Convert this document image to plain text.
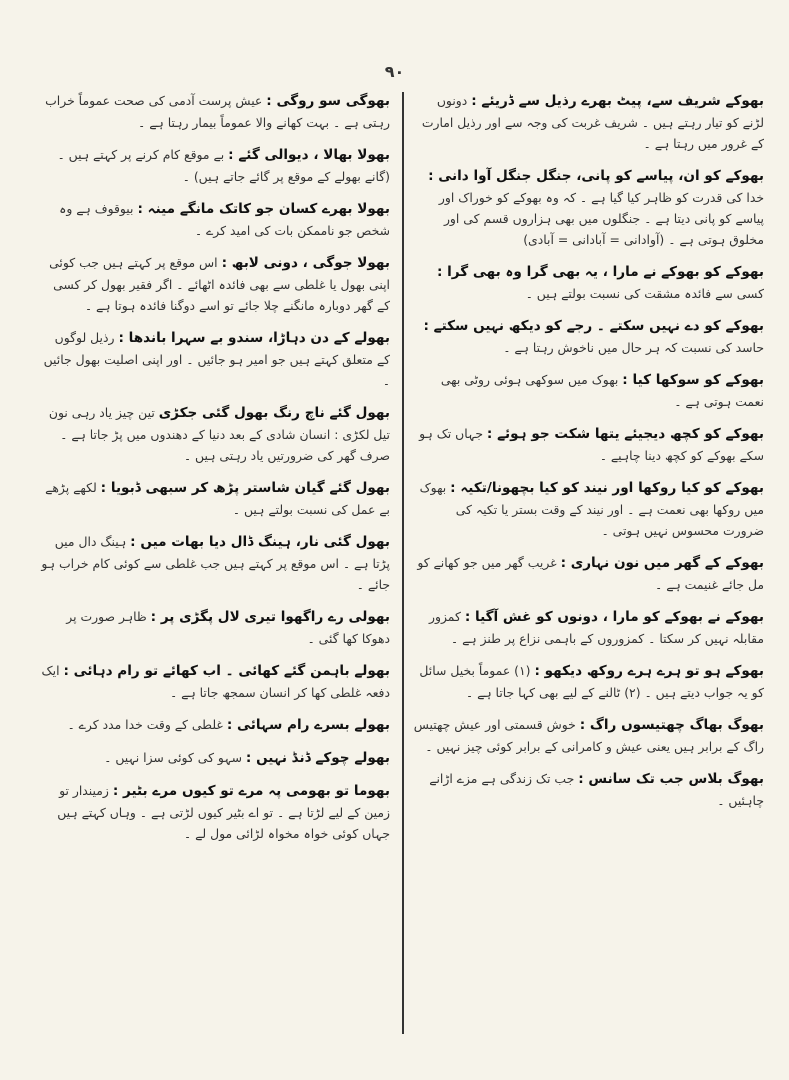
۹۰
بھوکے شریف سے، پیٹ بھرے رذیل سے ڈریئے : دونوں لڑنے کو تیار رہتے ہیں ۔ شریف غربت کی وجہ سے اور رذیل امارت کے غرور میں رہتا ہے ۔
بھوکے کو ان، پیاسے کو پانی، جنگل جنگل آوا دانی : خدا کی قدرت کو ظاہر کیا گیا ہے ۔ کہ وہ بھوکے کو خوراک اور پیاسے کو پانی دیتا ہے ۔ جنگلوں میں بھی ہزاروں قسم کی اور مخلوق ہوتی ہے ۔ (آوادانی = آبادانی = آبادی)
بھوکے کو بھوکے نے مارا ، یہ بھی گرا وہ بھی گرا : کسی سے فائدہ مشقت کی نسبت بولتے ہیں ۔
بھوکے کو دے نہیں سکتے ۔ رجے کو دیکھ نہیں سکتے : حاسد کی نسبت کہ ہر حال میں ناخوش رہتا ہے ۔
بھوکے کو سوکھا کیا : بھوک میں سوکھی ہوئی روٹی بھی نعمت ہوتی ہے ۔
بھوکے کو کچھ دیجیئے یتھا شکت جو ہوئے : جہاں تک ہو سکے بھوکے کو کچھ دینا چاہیے ۔
بھوکے کو کیا روکھا اور نیند کو کیا بچھونا/تکیہ : بھوک میں روکھا بھی نعمت ہے ۔ اور نیند کے وقت بستر یا تکیہ کی ضرورت محسوس نہیں ہوتی ۔
بھوکے کے گھر میں نون نہاری : غریب گھر میں جو کھانے کو مل جائے غنیمت ہے ۔
بھوکے نے بھوکے کو مارا ، دونوں کو غش آگیا : کمزور مقابلہ نہیں کر سکتا ۔ کمزوروں کے باہمی نزاع پر طنز ہے ۔
بھوکے ہو تو ہرے ہرے روکھ دیکھو : (۱) عموماً بخیل سائل کو یہ جواب دیتے ہیں ۔ (۲) ٹالنے کے لیے بھی کہا جاتا ہے ۔
بھوگ بھاگ چھتیسوں راگ : خوش قسمتی اور عیش چھتیس راگ کے برابر ہیں یعنی عیش و کامرانی کے برابر کوئی چیز نہیں ۔
بھوگ بلاس جب تک سانس : جب تک زندگی ہے مزے اڑانے چاہئیں ۔
بھوگی سو روگی : عیش پرست آدمی کی صحت عموماً خراب رہتی ہے ۔ بہت کھانے والا عموماً بیمار رہتا ہے ۔
بھولا بھالا ، دیوالی گئے : بے موقع کام کرنے پر کہتے ہیں ۔ (گانے بھولے کے موقع پر گائے جاتے ہیں) ۔
بھولا بھرے کسان جو کاتک مانگے مینہ : بیوقوف ہے وہ شخص جو ناممکن بات کی امید کرے ۔
بھولا جوگی ، دونی لابھ : اس موقع پر کہتے ہیں جب کوئی اپنی بھول یا غلطی سے بھی فائدہ اٹھائے ۔ اگر فقیر بھول کر کسی کے گھر دوبارہ مانگنے چلا جائے تو اسے دوگنا فائدہ ہوتا ہے ۔
بھولے کے دن دہاڑا، سندو بے سہرا باندھا : رذیل لوگوں کے متعلق کہتے ہیں جو امیر ہو جائیں ۔ اور اپنی اصلیت بھول جائیں ۔
بھول گئے ناچ رنگ بھول گئی جکڑی تین چیز یاد رہی نون تیل لکڑی : انسان شادی کے بعد دنیا کے دھندوں میں پڑ جاتا ہے ۔ صرف گھر کی ضرورتیں یاد رہتی ہیں ۔
بھول گئے گیان شاستر پڑھ کر سبھی ڈبویا : لکھے پڑھے بے عمل کی نسبت بولتے ہیں ۔
بھول گئی نار، ہینگ ڈال دیا بھات میں : ہینگ دال میں پڑتا ہے ۔ اس موقع پر کہتے ہیں جب غلطی سے کوئی کام خراب ہو جائے ۔
بھولی رے راگھوا تیری لال پگڑی پر : ظاہر صورت پر دھوکا کھا گئی ۔
بھولے باہمن گئے کھائی ۔ اب کھائے تو رام دہائی : ایک دفعہ غلطی کھا کر انسان سمجھ جاتا ہے ۔
بھولے بسرے رام سہائی : غلطی کے وقت خدا مدد کرے ۔
بھولے چوکے ڈنڈ نہیں : سہو کی کوئی سزا نہیں ۔
بھوما تو بھومی پہ مرے تو کیوں مرے بٹیر : زمیندار تو زمین کے لیے لڑتا ہے ۔ تو اے بٹیر کیوں لڑتی ہے ۔ وہاں کہتے ہیں جہاں کوئی خواہ مخواہ لڑائی مول لے ۔
